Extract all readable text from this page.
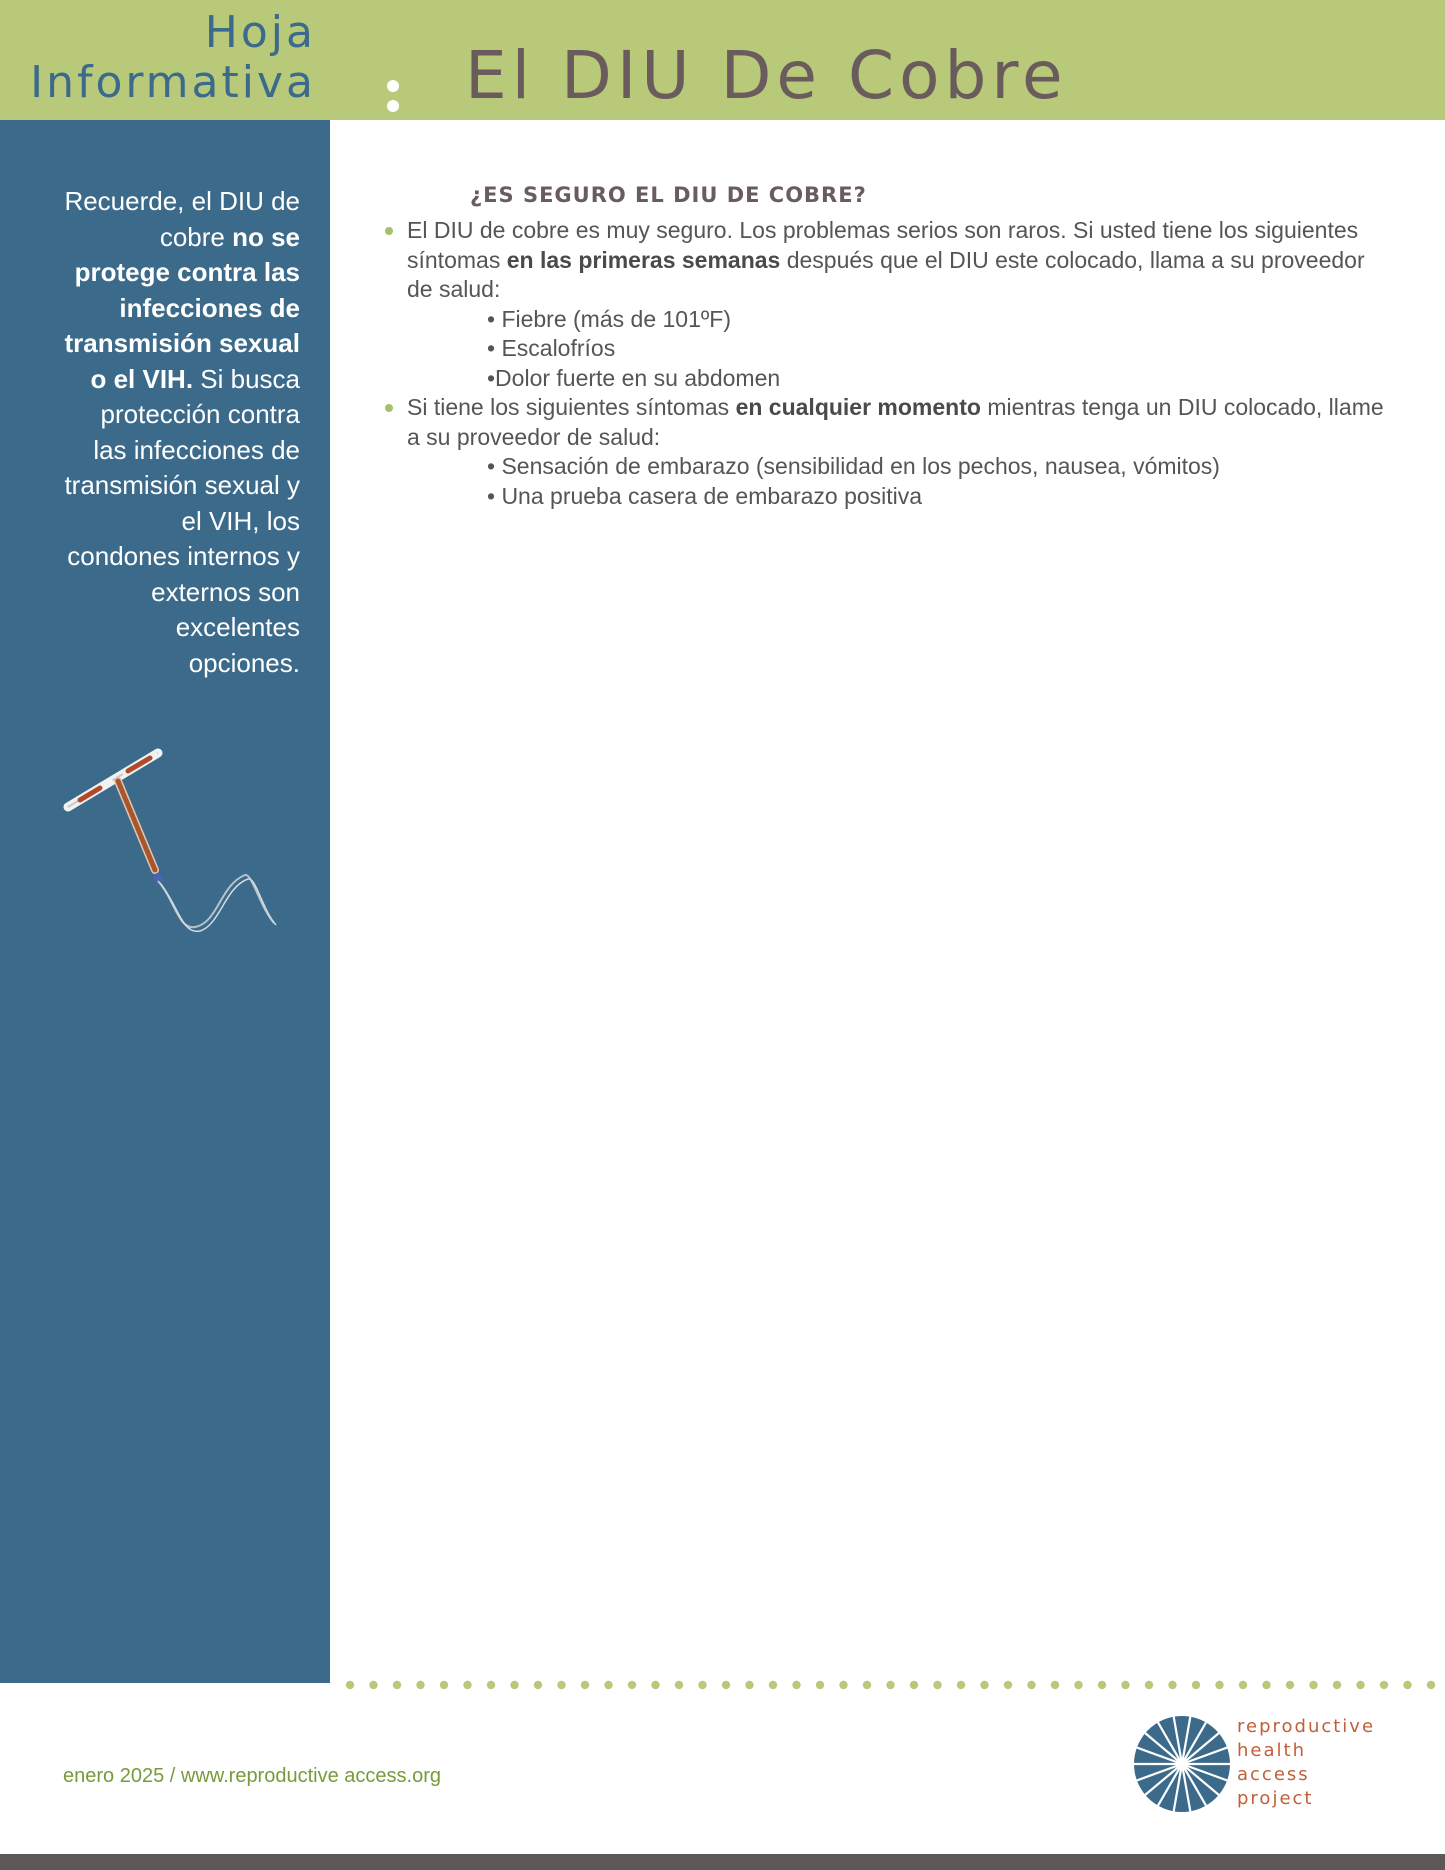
Hoja
Informativa El DIU De Cobre
Recuerde, el DIU de cobre no se protege contra las infecciones de transmisión sexual o el VIH. Si busca protección contra las infecciones de transmisión sexual y el VIH, los condones internos y externos son excelentes opciones.
¿ES SEGURO EL DIU DE COBRE?
El DIU de cobre es muy seguro. Los problemas serios son raros. Si usted tiene los siguientes síntomas en las primeras semanas después que el DIU este colocado, llama a su proveedor de salud:
• Fiebre (más de 101ºF)
• Escalofríos
•Dolor fuerte en su abdomen
Si tiene los siguientes síntomas en cualquier momento mientras tenga un DIU colocado, llame a su proveedor de salud:
• Sensación de embarazo (sensibilidad en los pechos, nausea, vómitos)
• Una prueba casera de embarazo positiva
enero 2025 / www.reproductive access.org
reproductive
health
access
project
